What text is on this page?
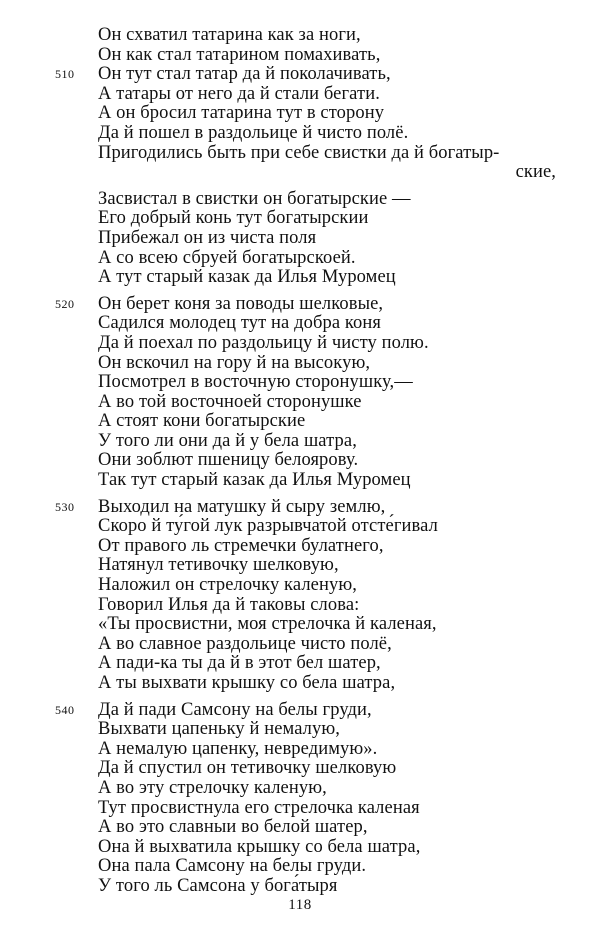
Он схватил татарина как за ноги,
Он как стал татарином помахивать,
510 Он тут стал татар да й поколачивать,
А татары от него да й стали бегати.
А он бросил татарина тут в сторону
Да й пошел в раздольице й чисто полё.
Пригодились быть при себе свистки да й богатыр-
ские,
Засвистал в свистки он богатырские —
Его добрый конь тут богатырскии
Прибежал он из чиста поля
А со всею сбруей богатырскоей.
А тут старый казак да Илья Муромец
520 Он берет коня за поводы шелковые,
Садился молодец тут на добра коня
Да й поехал по раздольицу й чисту полю.
Он вскочил на гору й на высокую,
Посмотрел в восточную сторонушку,—
А во той восточноей сторонушке
А стоят кони богатырские
У того ли они да й у бела шатра,
Они зоблют пшеницу белоярову.
Так тут старый казак да Илья Муромец
530 Выходил на матушку й сыру землю,
Скоро й ту́гой лук разрывчатой отсте́гивал
От правого ль стремечки булатнего,
Натянул тетивочку шелковую,
Наложил он стрелочку каленую,
Говорил Илья да й таковы слова:
«Ты просвистни, моя стрелочка й каленая,
А во славное раздольице чисто полё,
А пади-ка ты да й в этот бел шатер,
А ты выхвати крышку со бела шатра,
540 Да й пади Самсону на белы груди,
Выхвати цапеньку й немалую,
А немалую цапенку, невредимую».
Да й спустил он тетивочку шелковую
А во эту стрелочку каленую,
Тут просвистнула его стрелочка каленая
А во это славныи во белой шатер,
Она й выхватила крышку со бела шатра,
Она пала Самсону на белы груди.
У того ль Самсона у бога́тыря
118
